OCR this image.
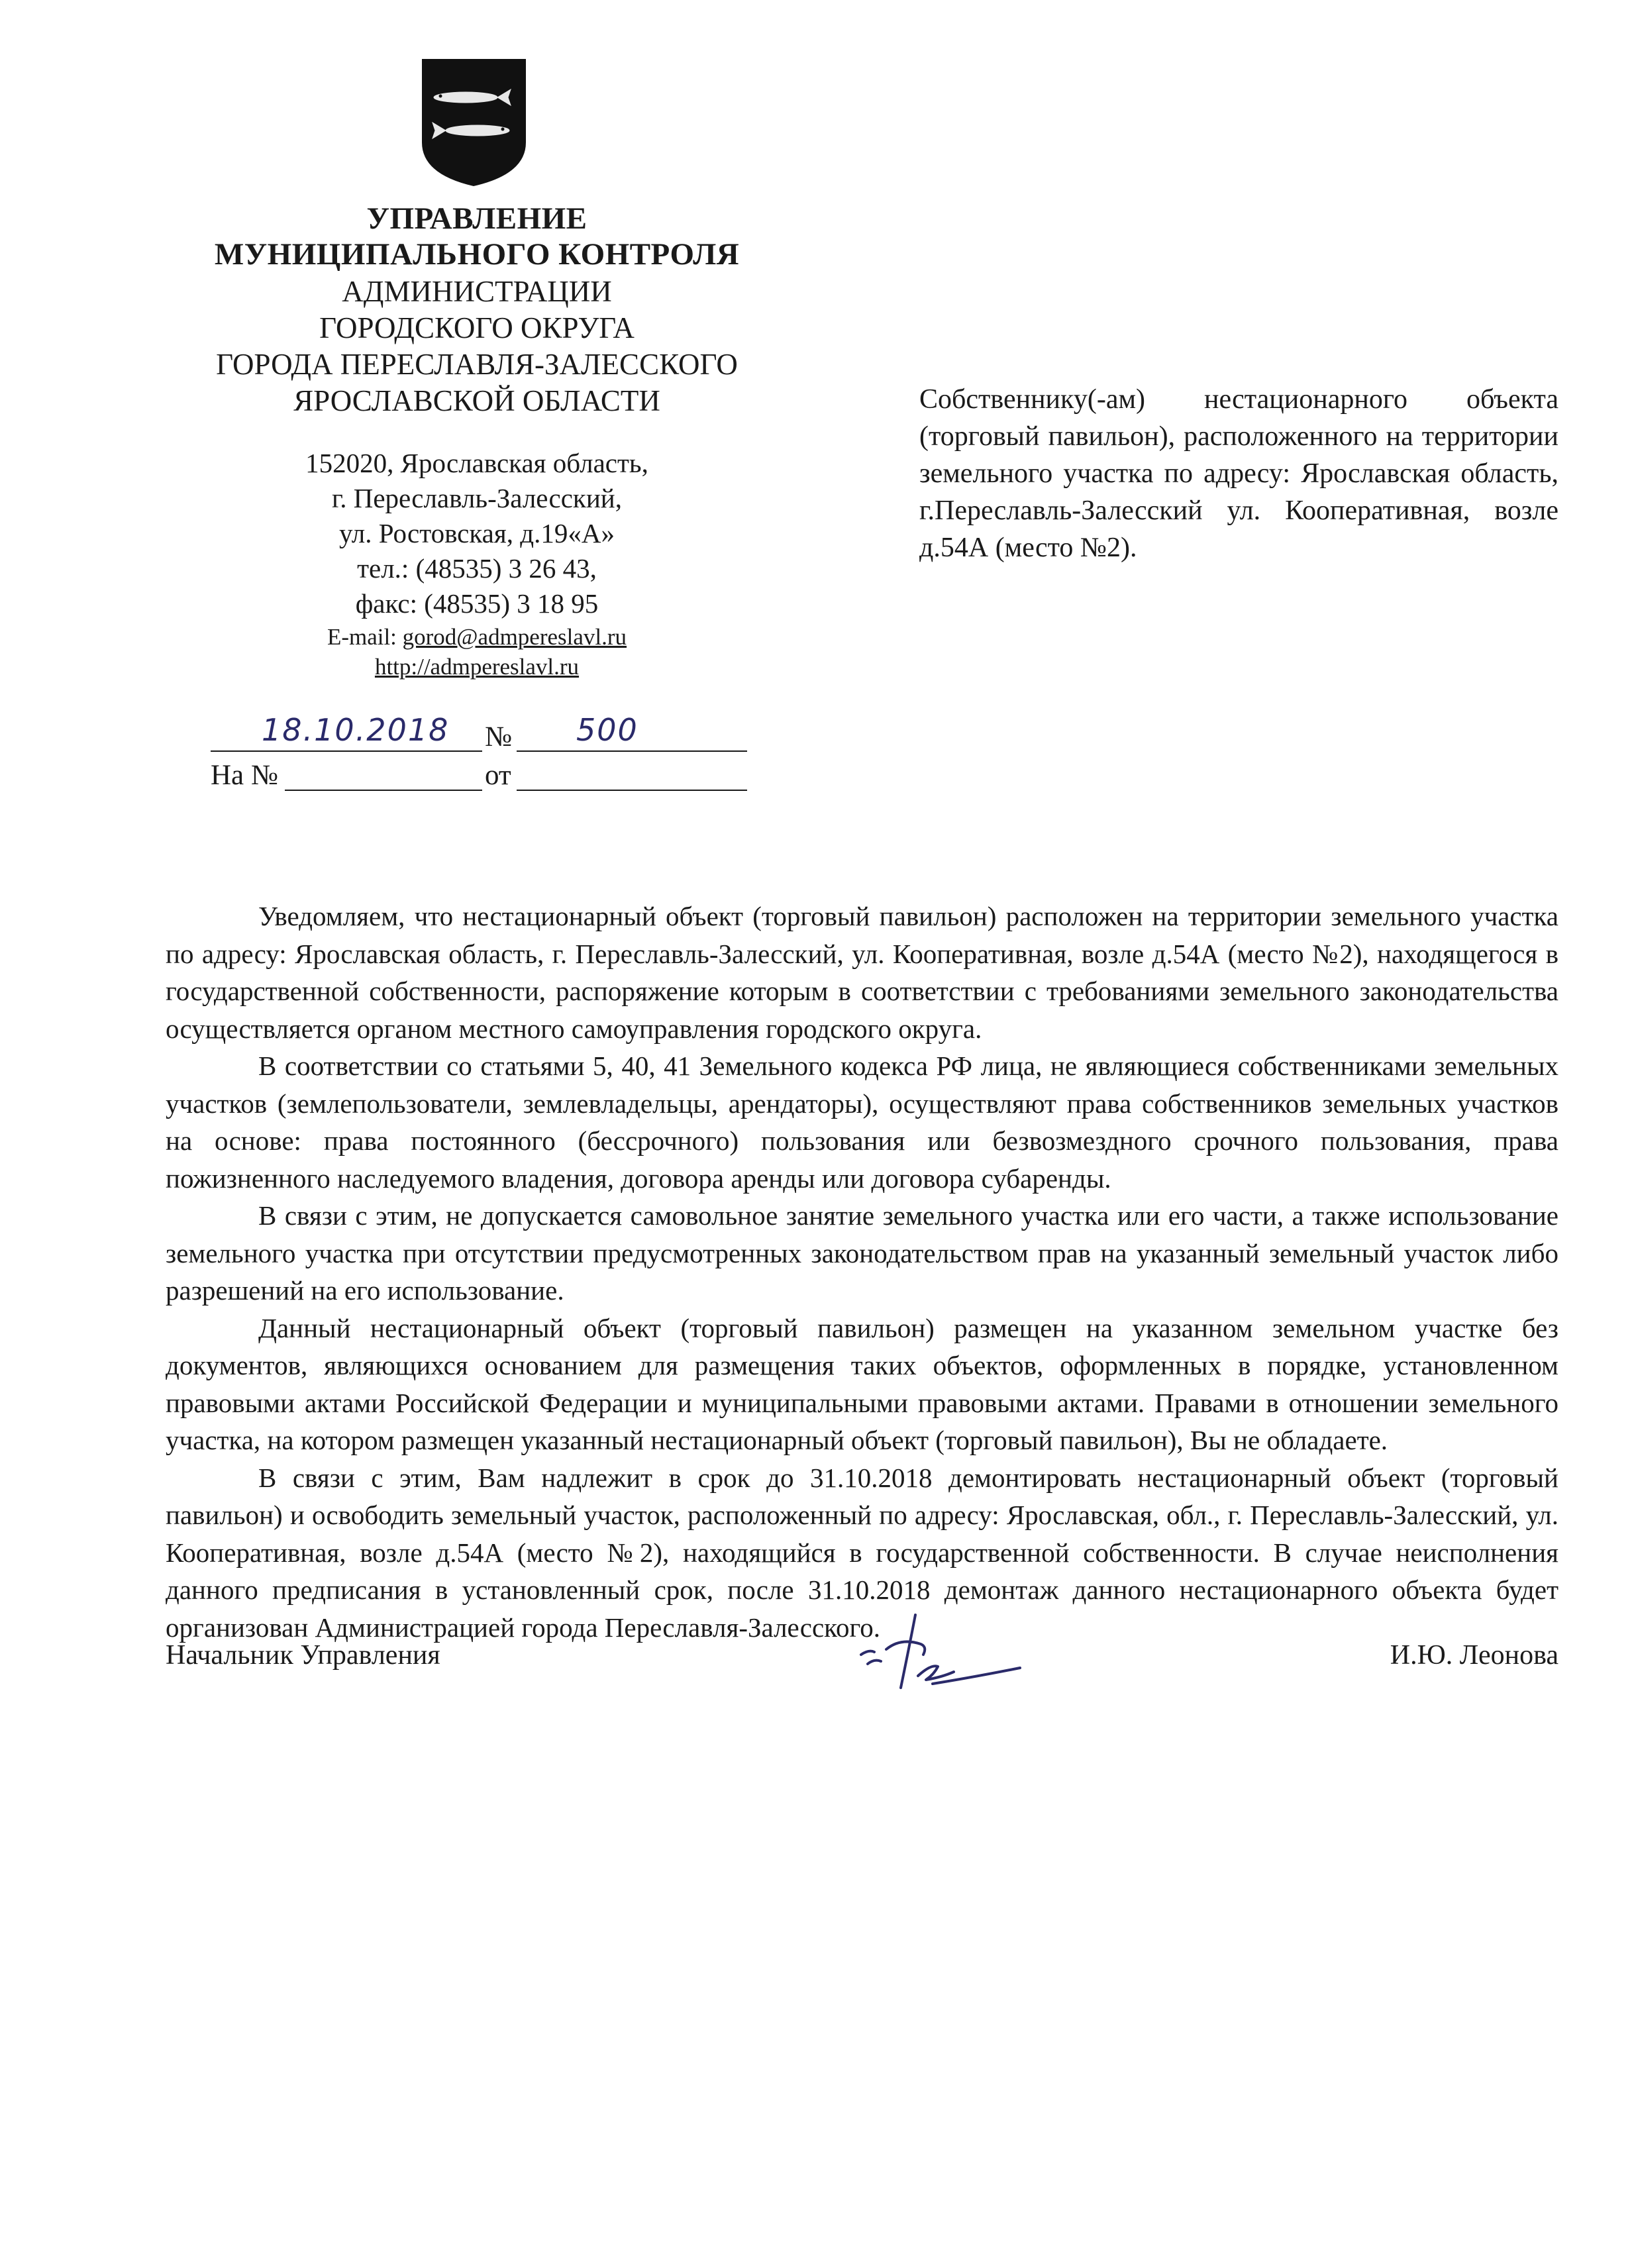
УПРАВЛЕНИЕ
МУНИЦИПАЛЬНОГО КОНТРОЛЯ
АДМИНИСТРАЦИИ
ГОРОДСКОГО ОКРУГА
ГОРОДА ПЕРЕСЛАВЛЯ-ЗАЛЕССКОГО
ЯРОСЛАВСКОЙ ОБЛАСТИ
152020, Ярославская область,
г. Переславль-Залесский,
ул. Ростовская, д.19«А»
тел.: (48535) 3 26 43,
факс: (48535) 3 18 95
E-mail: gorod@admpereslavl.ru
http://admpereslavl.ru
18.10.2018 № 500
На №	от
Собственнику(-ам) нестационарного объекта (торговый павильон), расположенного на территории земельного участка по адресу: Ярославская область, г.Переславль-Залесский ул. Кооперативная, возле д.54А (место №2).

Уведомляем, что нестационарный объект (торговый павильон) расположен на территории земельного участка по адресу: Ярославская область, г. Переславль-Залесский, ул. Кооперативная, возле д.54А (место №2), находящегося в государственной собственности, распоряжение которым в соответствии с требованиями земельного законодательства осуществляется органом местного самоуправления городского округа.

В соответствии со статьями 5, 40, 41 Земельного кодекса РФ лица, не являющиеся собственниками земельных участков (землепользователи, землевладельцы, арендаторы), осуществляют права собственников земельных участков на основе: права постоянного (бессрочного) пользования или безвозмездного срочного пользования, права пожизненного наследуемого владения, договора аренды или договора субаренды.

В связи с этим, не допускается самовольное занятие земельного участка или его части, а также использование земельного участка при отсутствии предусмотренных законодательством прав на указанный земельный участок либо разрешений на его использование.

Данный нестационарный объект (торговый павильон) размещен на указанном земельном участке без документов, являющихся основанием для размещения таких объектов, оформленных в порядке, установленном правовыми актами Российской Федерации и муниципальными правовыми актами. Правами в отношении земельного участка, на котором размещен указанный нестационарный объект (торговый павильон), Вы не обладаете.

В связи с этим, Вам надлежит в срок до 31.10.2018 демонтировать нестационарный объект (торговый павильон) и освободить земельный участок, расположенный по адресу: Ярославская, обл., г. Переславль-Залесский, ул. Кооперативная, возле д.54А (место №2), находящийся в государственной собственности. В случае неисполнения данного предписания в установленный срок, после 31.10.2018 демонтаж данного нестационарного объекта будет организован Администрацией города Переславля-Залесского.

Начальник Управления	И.Ю. Леонова
